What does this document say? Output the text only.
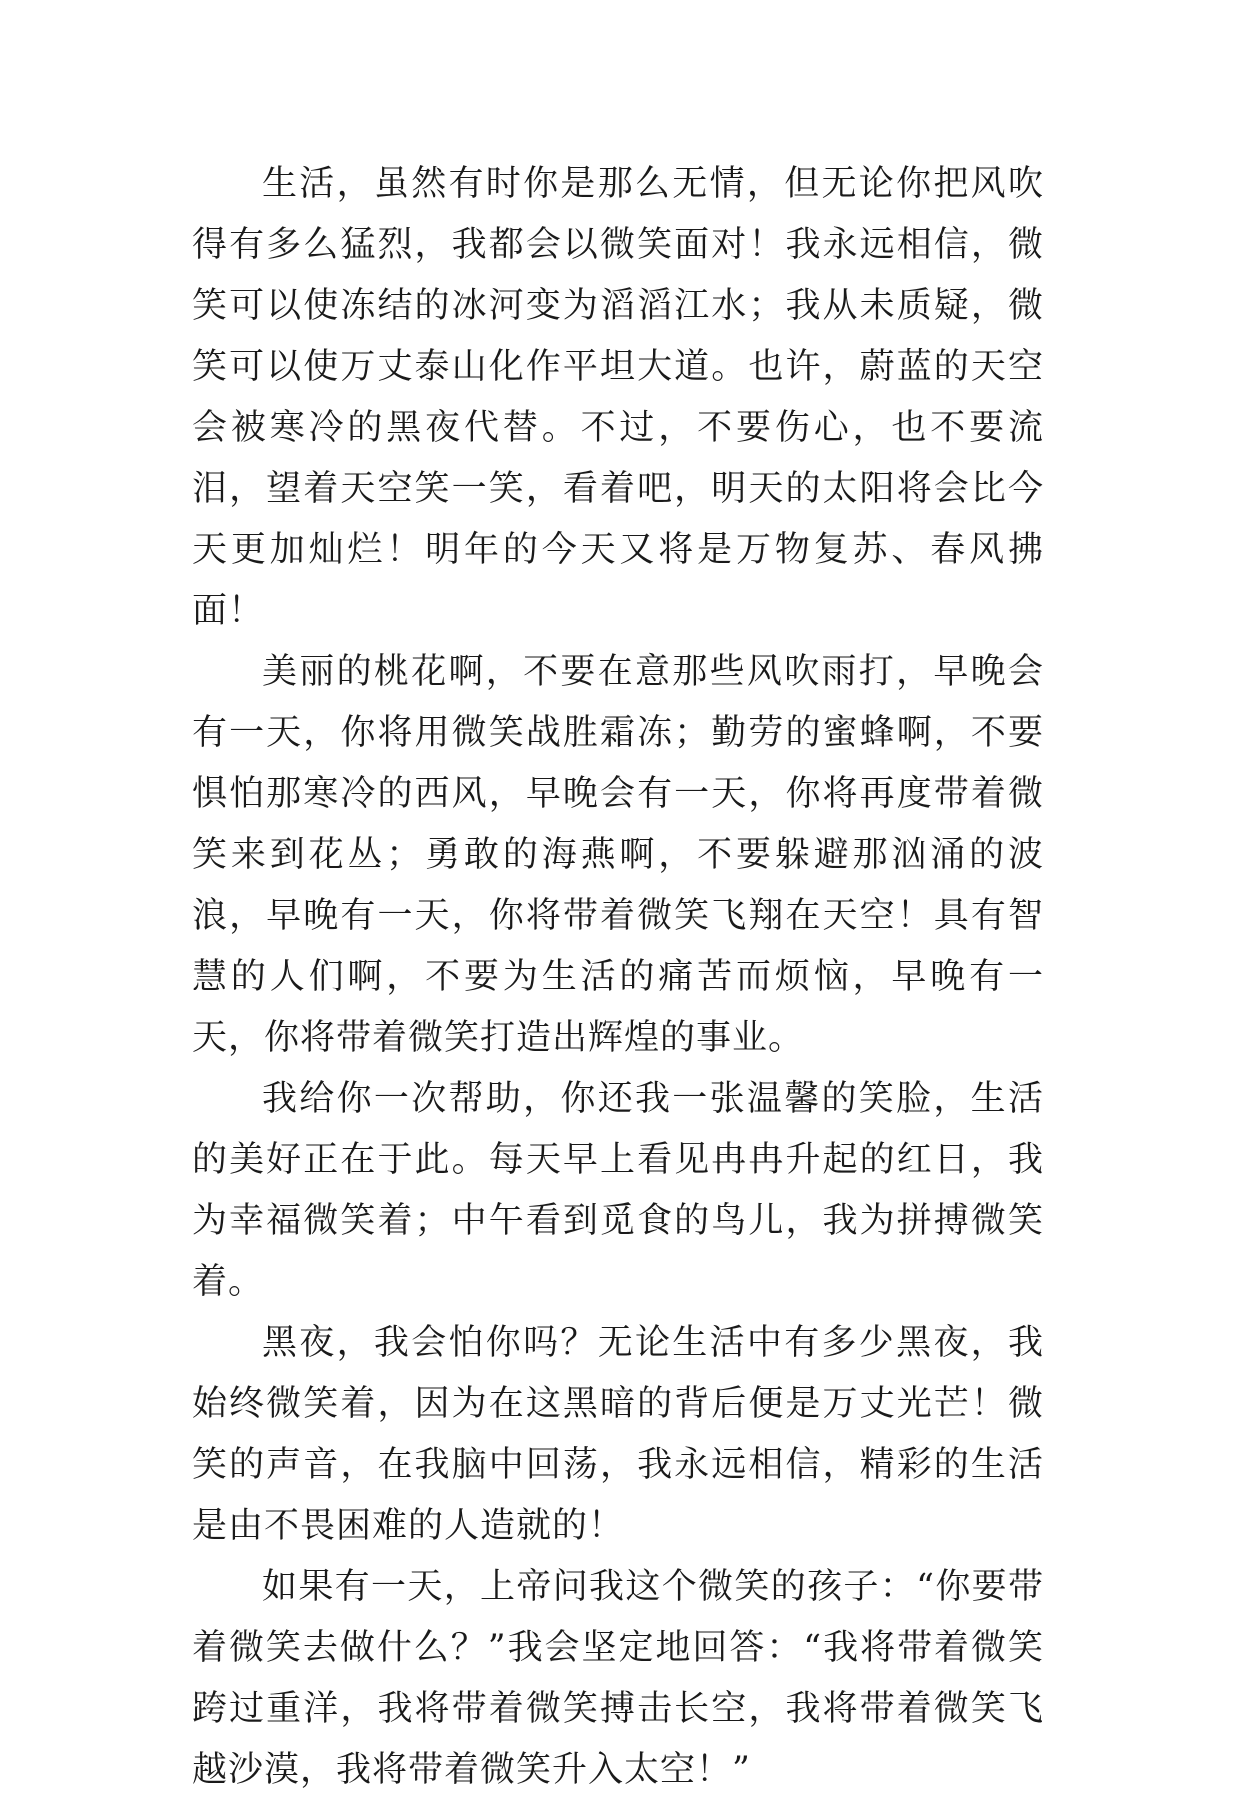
生活，虽然有时你是那么无情，但无论你把风吹得有多么猛烈，我都会以微笑面对！我永远相信，微笑可以使冻结的冰河变为滔滔江水；我从未质疑，微笑可以使万丈泰山化作平坦大道。也许，蔚蓝的天空会被寒冷的黑夜代替。不过，不要伤心，也不要流泪，望着天空笑一笑，看着吧，明天的太阳将会比今天更加灿烂！明年的今天又将是万物复苏、春风拂面！

美丽的桃花啊，不要在意那些风吹雨打，早晚会有一天，你将用微笑战胜霜冻；勤劳的蜜蜂啊，不要惧怕那寒冷的西风，早晚会有一天，你将再度带着微笑来到花丛；勇敢的海燕啊，不要躲避那汹涌的波浪，早晚有一天，你将带着微笑飞翔在天空！具有智慧的人们啊，不要为生活的痛苦而烦恼，早晚有一天，你将带着微笑打造出辉煌的事业。

我给你一次帮助，你还我一张温馨的笑脸，生活的美好正在于此。每天早上看见冉冉升起的红日，我为幸福微笑着；中午看到觅食的鸟儿，我为拼搏微笑着。

黑夜，我会怕你吗？无论生活中有多少黑夜，我始终微笑着，因为在这黑暗的背后便是万丈光芒！微笑的声音，在我脑中回荡，我永远相信，精彩的生活是由不畏困难的人造就的！

如果有一天，上帝问我这个微笑的孩子：“你要带着微笑去做什么？”我会坚定地回答：“我将带着微笑跨过重洋，我将带着微笑搏击长空，我将带着微笑飞越沙漠，我将带着微笑升入太空！”
